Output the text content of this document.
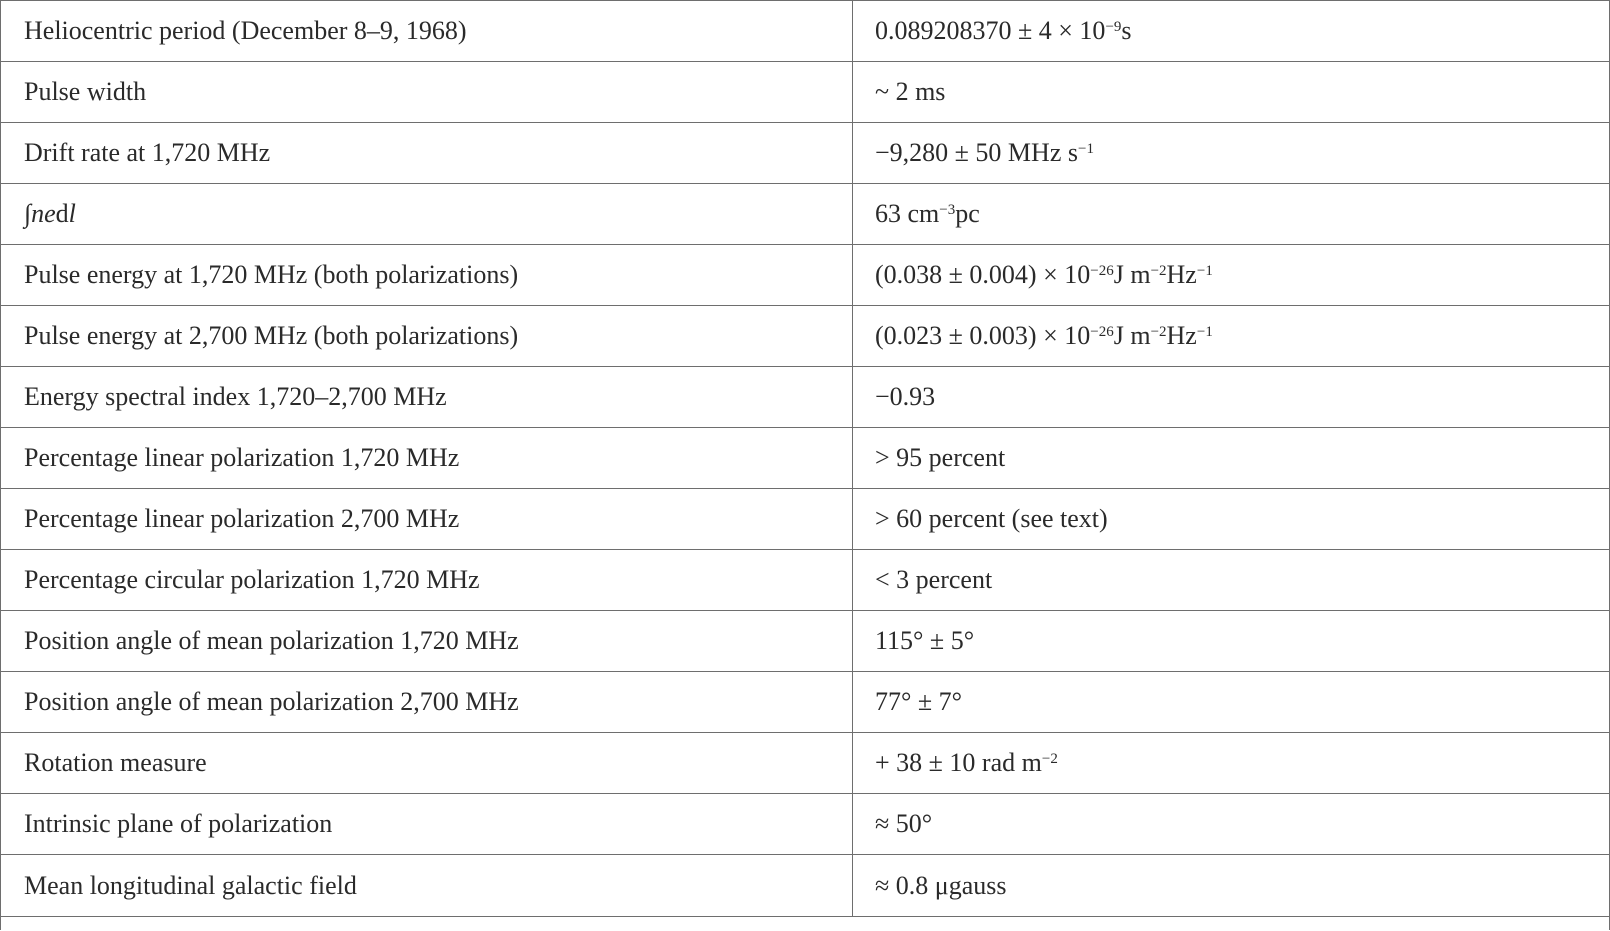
Heliocentric period (December 8–9, 1968)	$0.089208370 \pm 4 \times 10^{-9}$ s
Pulse width	~ 2 ms
Drift rate at 1,720 MHz	−9,280 ± 50 MHz $s^{-1}$
∫ ne d l	63 $cm^{-3}$ pc
Pulse energy at 1,720 MHz (both polarizations)	$(0.038 \pm 0.004) \times 10^{-26}$ J $m^{-2}$ $Hz^{-1}$
Pulse energy at 2,700 MHz (both polarizations)	$(0.023 \pm 0.003) \times 10^{-26}$ J $m^{-2}$ $Hz^{-1}$
Energy spectral index 1,720–2,700 MHz	−0.93
Percentage linear polarization 1,720 MHz	> 95 percent
Percentage linear polarization 2,700 MHz	> 60 percent (see text)
Percentage circular polarization 1,720 MHz	< 3 percent
Position angle of mean polarization 1,720 MHz	115° ± 5°
Position angle of mean polarization 2,700 MHz	77° ± 7°
Rotation measure	+ 38 ± 10 rad $m^{-2}$
Intrinsic plane of polarization	≈ 50°
Mean longitudinal galactic field	≈ 0.8 μgauss
